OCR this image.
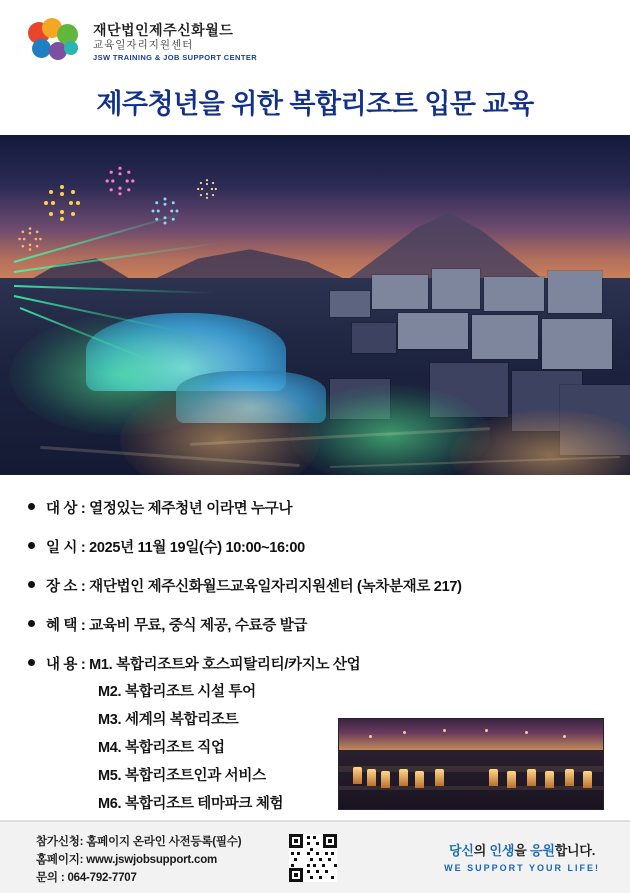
재단법인제주신화월드
교육일자리지원센터
JSW TRAINING & JOB SUPPORT CENTER
제주청년을 위한 복합리조트 입문 교육
대 상 : 열정있는 제주청년 이라면 누구나
일 시 : 2025년 11월 19일(수) 10:00~16:00
장 소 : 재단법인 제주신화월드교육일자리지원센터 (녹차분재로 217)
혜 택 : 교육비 무료, 중식 제공, 수료증 발급
내 용 : M1. 복합리조트와 호스피탈리티/카지노 산업
M2. 복합리조트 시설 투어
M3. 세계의 복합리조트
M4. 복합리조트 직업
M5. 복합리조트인과 서비스
M6. 복합리조트 테마파크 체험
참가신청: 홈페이지 온라인 사전등록(필수)
홈페이지: www.jswjobsupport.com
문의 : 064-792-7707
당신의 인생을 응원합니다.
WE SUPPORT YOUR LIFE!
